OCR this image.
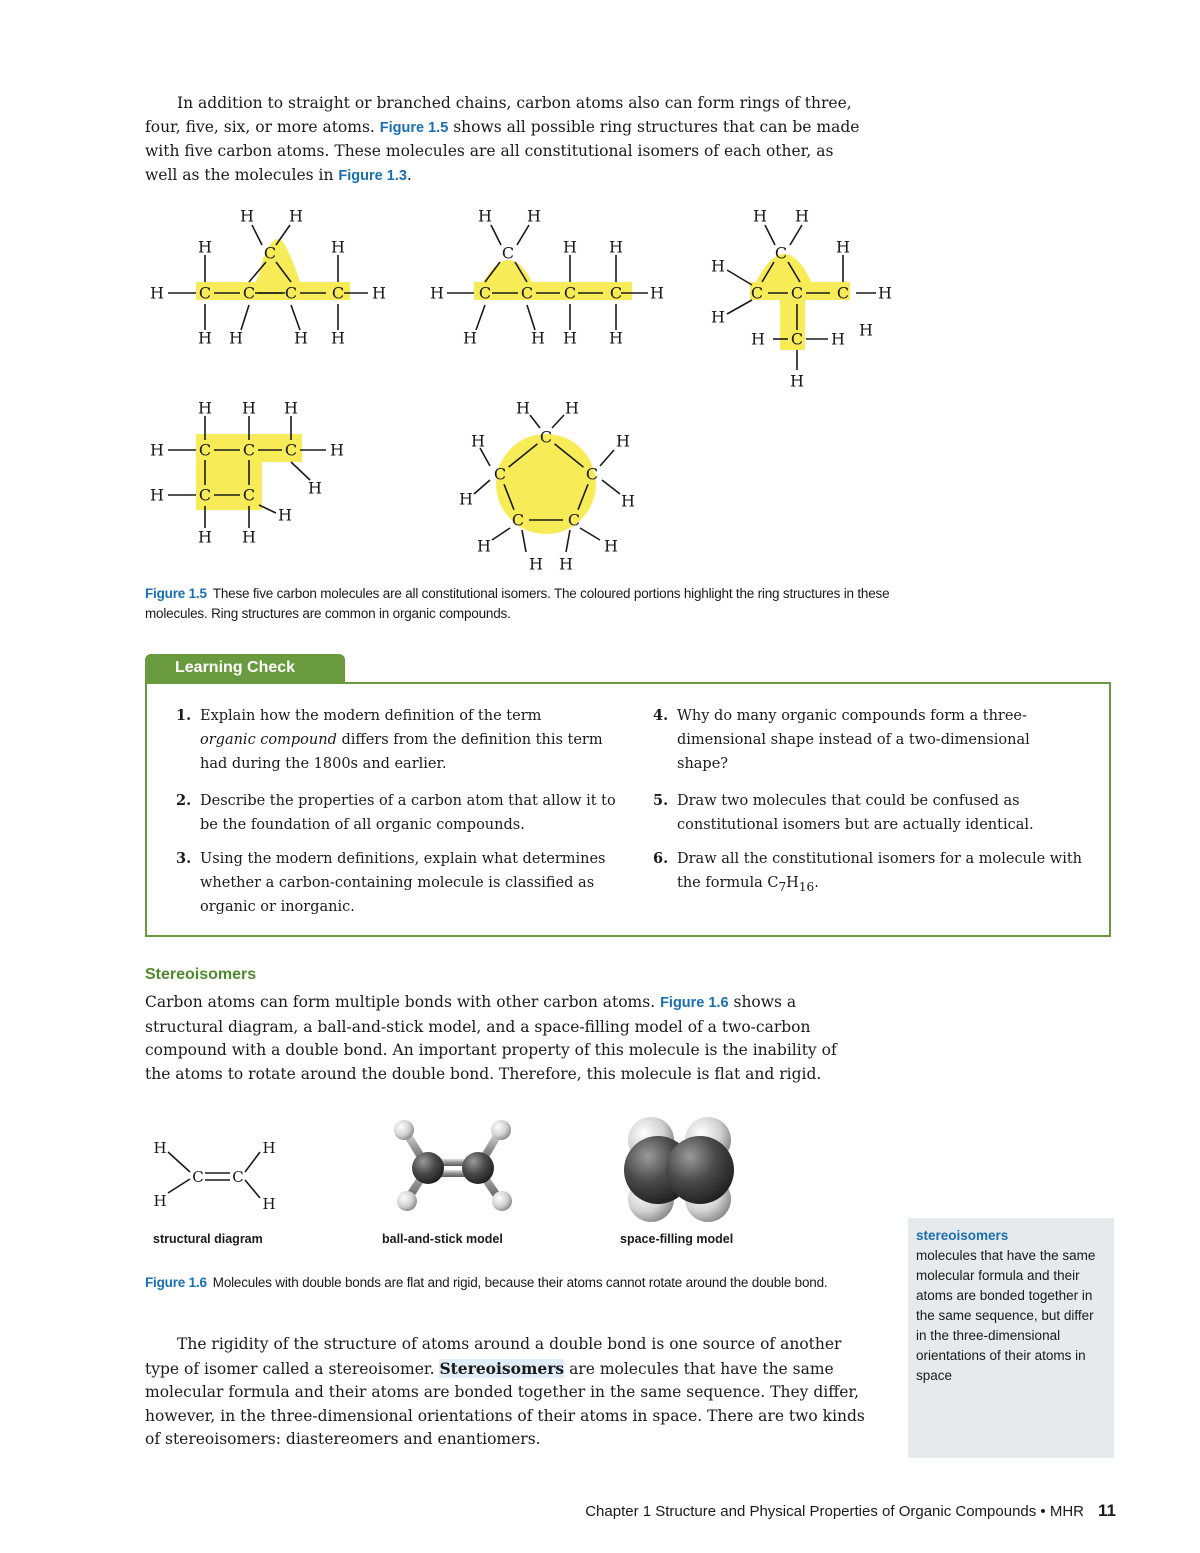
In addition to straight or branched chains, carbon atoms also can form rings of three, four, five, six, or more atoms. Figure 1.5 shows all possible ring structures that can be made with five carbon atoms. These molecules are all constitutional isomers of each other, as well as the molecules in Figure 1.3.

H C C C C H
H	H
C
H H
H H	H H
H C C C C H
C
H H
H H
H	H H H
C C C H
C
H H
H
H
H
H C H H
H
H C C C H
H C C
H H H
H
H
H H
C
C
C
C
C
H H
H
H
H
H
H
H
H
H
Figure 1.5 These five carbon molecules are all constitutional isomers. The coloured portions highlight the ring structures in these molecules. Ring structures are common in organic compounds.
Learning Check
1. Explain how the modern definition of the term
organic compound differs from the definition this term had during the 1800s and earlier.
2. Describe the properties of a carbon atom that allow it to be the foundation of all organic compounds.
3. Using the modern definitions, explain what determines whether a carbon-containing molecule is classified as organic or inorganic.
4. Why do many organic compounds form a three-dimensional shape instead of a two-dimensional shape?
5. Draw two molecules that could be confused as constitutional isomers but are actually identical.
6. Draw all the constitutional isomers for a molecule with the formula $C_7H_{16}$.
Stereoisomers

Carbon atoms can form multiple bonds with other carbon atoms. Figure 1.6 shows a structural diagram, a ball-and-stick model, and a space-filling model of a two-carbon compound with a double bond. An important property of this molecule is the inability of the atoms to rotate around the double bond. Therefore, this molecule is flat and rigid.

H	H
C C
H	H
structural diagram	ball-and-stick model	space-filling model
Figure 1.6 Molecules with double bonds are flat and rigid, because their atoms cannot rotate around the double bond.

The rigidity of the structure of atoms around a double bond is one source of another type of isomer called a stereoisomer. Stereoisomers are molecules that have the same molecular formula and their atoms are bonded together in the same sequence. They differ, however, in the three-dimensional orientations of their atoms in space. There are two kinds of stereoisomers: diastereomers and enantiomers.

stereoisomers
molecules that have the same molecular formula and their atoms are bonded together in the same sequence, but differ in the three-dimensional orientations of their atoms in space
Chapter 1 Structure and Physical Properties of Organic Compounds • MHR 11
